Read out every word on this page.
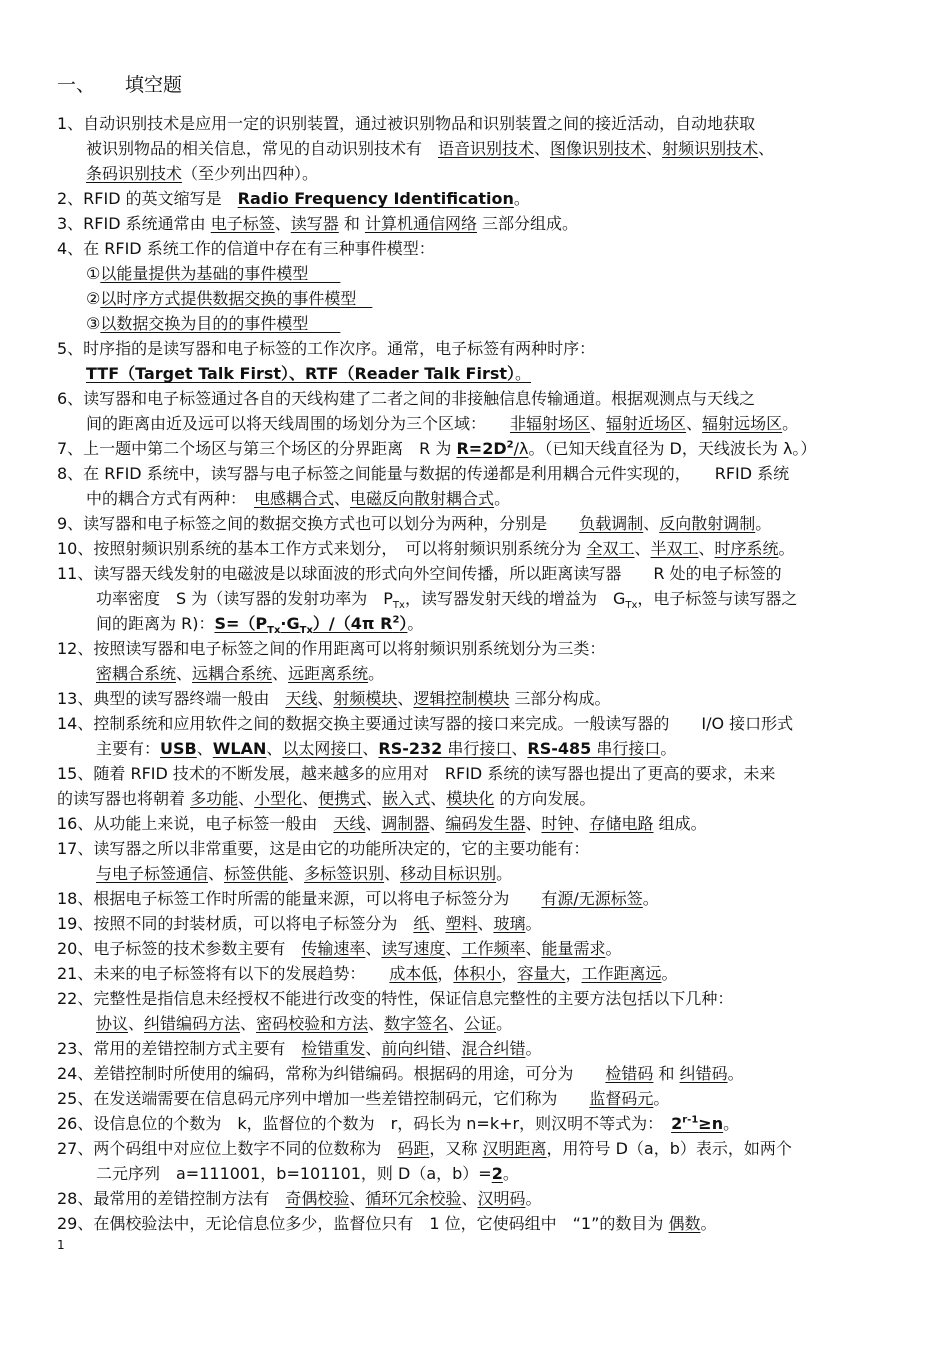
一、 填空题
1、自动识别技术是应用一定的识别装置，通过被识别物品和识别装置之间的接近活动，自动地获取
被识别物品的相关信息，常见的自动识别技术有　语音识别技术、图像识别技术、射频识别技术、
条码识别技术（至少列出四种）。
2、RFID 的英文缩写是　Radio Frequency Identification。
3、RFID 系统通常由 电子标签、读写器 和 计算机通信网络 三部分组成。
4、在 RFID 系统工作的信道中存在有三种事件模型：
①以能量提供为基础的事件模型　　
②以时序方式提供数据交换的事件模型　
③以数据交换为目的的事件模型　　
5、时序指的是读写器和电子标签的工作次序。通常，电子标签有两种时序：
TTF（Target Talk First）、RTF（Reader Talk First）。
6、读写器和电子标签通过各自的天线构建了二者之间的非接触信息传输通道。根据观测点与天线之
间的距离由近及远可以将天线周围的场划分为三个区域：　　非辐射场区、辐射近场区、辐射远场区。
7、上一题中第二个场区与第三个场区的分界距离　R 为 $R=2D^2/\lambda$。（已知天线直径为 D，天线波长为 λ。）
8、在 RFID 系统中，读写器与电子标签之间能量与数据的传递都是利用耦合元件实现的，　　RFID 系统
中的耦合方式有两种：　电感耦合式、电磁反向散射耦合式。
9、读写器和电子标签之间的数据交换方式也可以划分为两种，分别是　　负载调制、反向散射调制。
10、按照射频识别系统的基本工作方式来划分，　可以将射频识别系统分为 全双工、半双工、时序系统。
11、读写器天线发射的电磁波是以球面波的形式向外空间传播，所以距离读写器　　R 处的电子标签的
功率密度　S 为（读写器的发射功率为　$P_{Tx}$，读写器发射天线的增益为　$G_{Tx}$，电子标签与读写器之
间的距离为 R)：$S=(P_{Tx}\cdot G_{Tx})/(4\pi$ $R^2$）。
12、按照读写器和电子标签之间的作用距离可以将射频识别系统划分为三类：
密耦合系统、远耦合系统、远距离系统。
13、典型的读写器终端一般由　天线、射频模块、逻辑控制模块 三部分构成。
14、控制系统和应用软件之间的数据交换主要通过读写器的接口来完成。一般读写器的　　I/O 接口形式
主要有：USB、WLAN、以太网接口、RS-232 串行接口、RS-485 串行接口。
15、随着 RFID 技术的不断发展，越来越多的应用对　RFID 系统的读写器也提出了更高的要求，未来
的读写器也将朝着 多功能、小型化、便携式、嵌入式、模块化 的方向发展。
16、从功能上来说，电子标签一般由　天线、调制器、编码发生器、时钟、存储电路 组成。
17、读写器之所以非常重要，这是由它的功能所决定的，它的主要功能有：
与电子标签通信、标签供能、多标签识别、移动目标识别。
18、根据电子标签工作时所需的能量来源，可以将电子标签分为　　有源/无源标签。
19、按照不同的封装材质，可以将电子标签分为　纸、塑料、玻璃。
20、电子标签的技术参数主要有　传输速率、读写速度、工作频率、能量需求。
21、未来的电子标签将有以下的发展趋势：　　成本低，体积小，容量大，工作距离远。
22、完整性是指信息未经授权不能进行改变的特性，保证信息完整性的主要方法包括以下几种：
协议、纠错编码方法、密码校验和方法、数字签名、公证。
23、常用的差错控制方式主要有　检错重发、前向纠错、混合纠错。
24、差错控制时所使用的编码，常称为纠错编码。根据码的用途，可分为　　检错码 和 纠错码。
25、在发送端需要在信息码元序列中增加一些差错控制码元，它们称为　　监督码元。
26、设信息位的个数为　k，监督位的个数为　r，码长为 n=k+r，则汉明不等式为：　$2^{r-1}\ge n$。
27、两个码组中对应位上数字不同的位数称为　码距，又称 汉明距离，用符号 D（a，b）表示，如两个
二元序列　a=111001，b=101101，则 D（a，b）=2。
28、最常用的差错控制方法有　奇偶校验、循环冗余校验、汉明码。
29、在偶校验法中，无论信息位多少，监督位只有　1 位，它使码组中　“1”的数目为 偶数。
1
